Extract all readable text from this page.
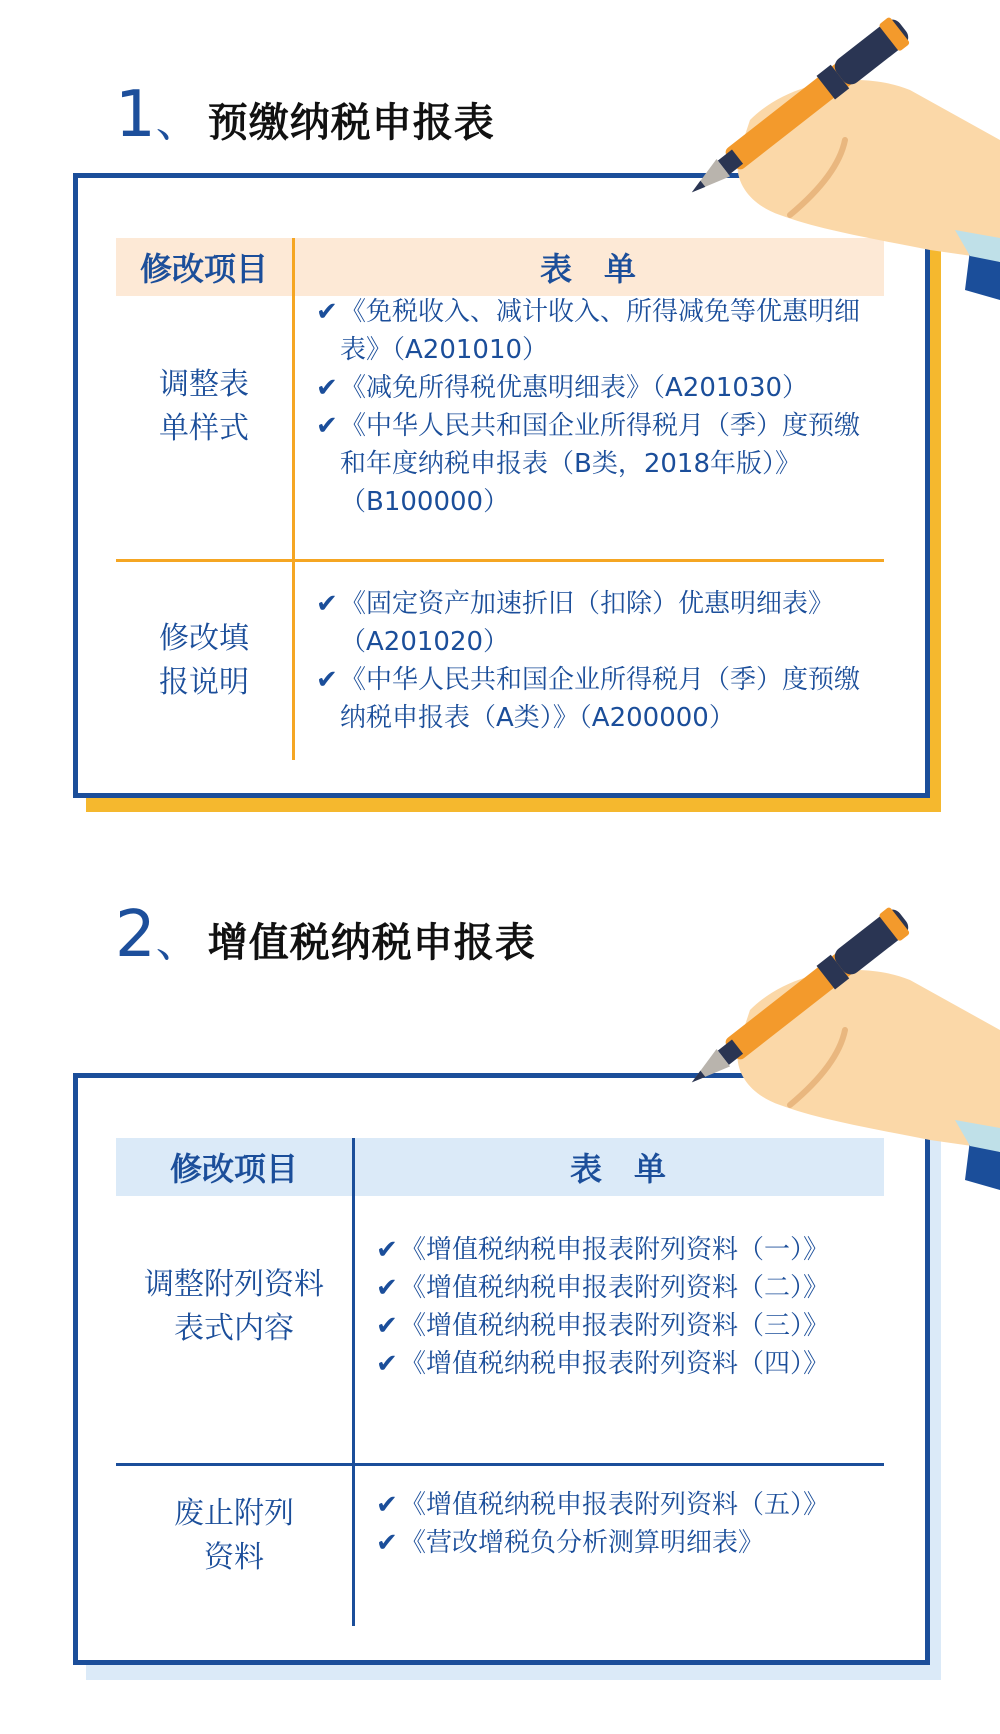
1 、 预缴纳税申报表
修改项目	表　单
调整表单样式
✔ 《免税收入、减计收入、所得减免等优惠明细表》（A201010）
✔ 《减免所得税优惠明细表》（A201030）
✔ 《中华人民共和国企业所得税月（季）度预缴和年度纳税申报表（B类，2018年版）》（B100000）
修改填报说明
✔ 《固定资产加速折旧（扣除）优惠明细表》（A201020）
✔ 《中华人民共和国企业所得税月（季）度预缴纳税申报表（A类）》（A200000）
2 、 增值税纳税申报表
修改项目	表　单
调整附列资料表式内容
✔ 《增值税纳税申报表附列资料（一）》
✔ 《增值税纳税申报表附列资料（二）》
✔ 《增值税纳税申报表附列资料（三）》
✔ 《增值税纳税申报表附列资料（四）》
废止附列资料
✔ 《增值税纳税申报表附列资料（五）》
✔ 《营改增税负分析测算明细表》
